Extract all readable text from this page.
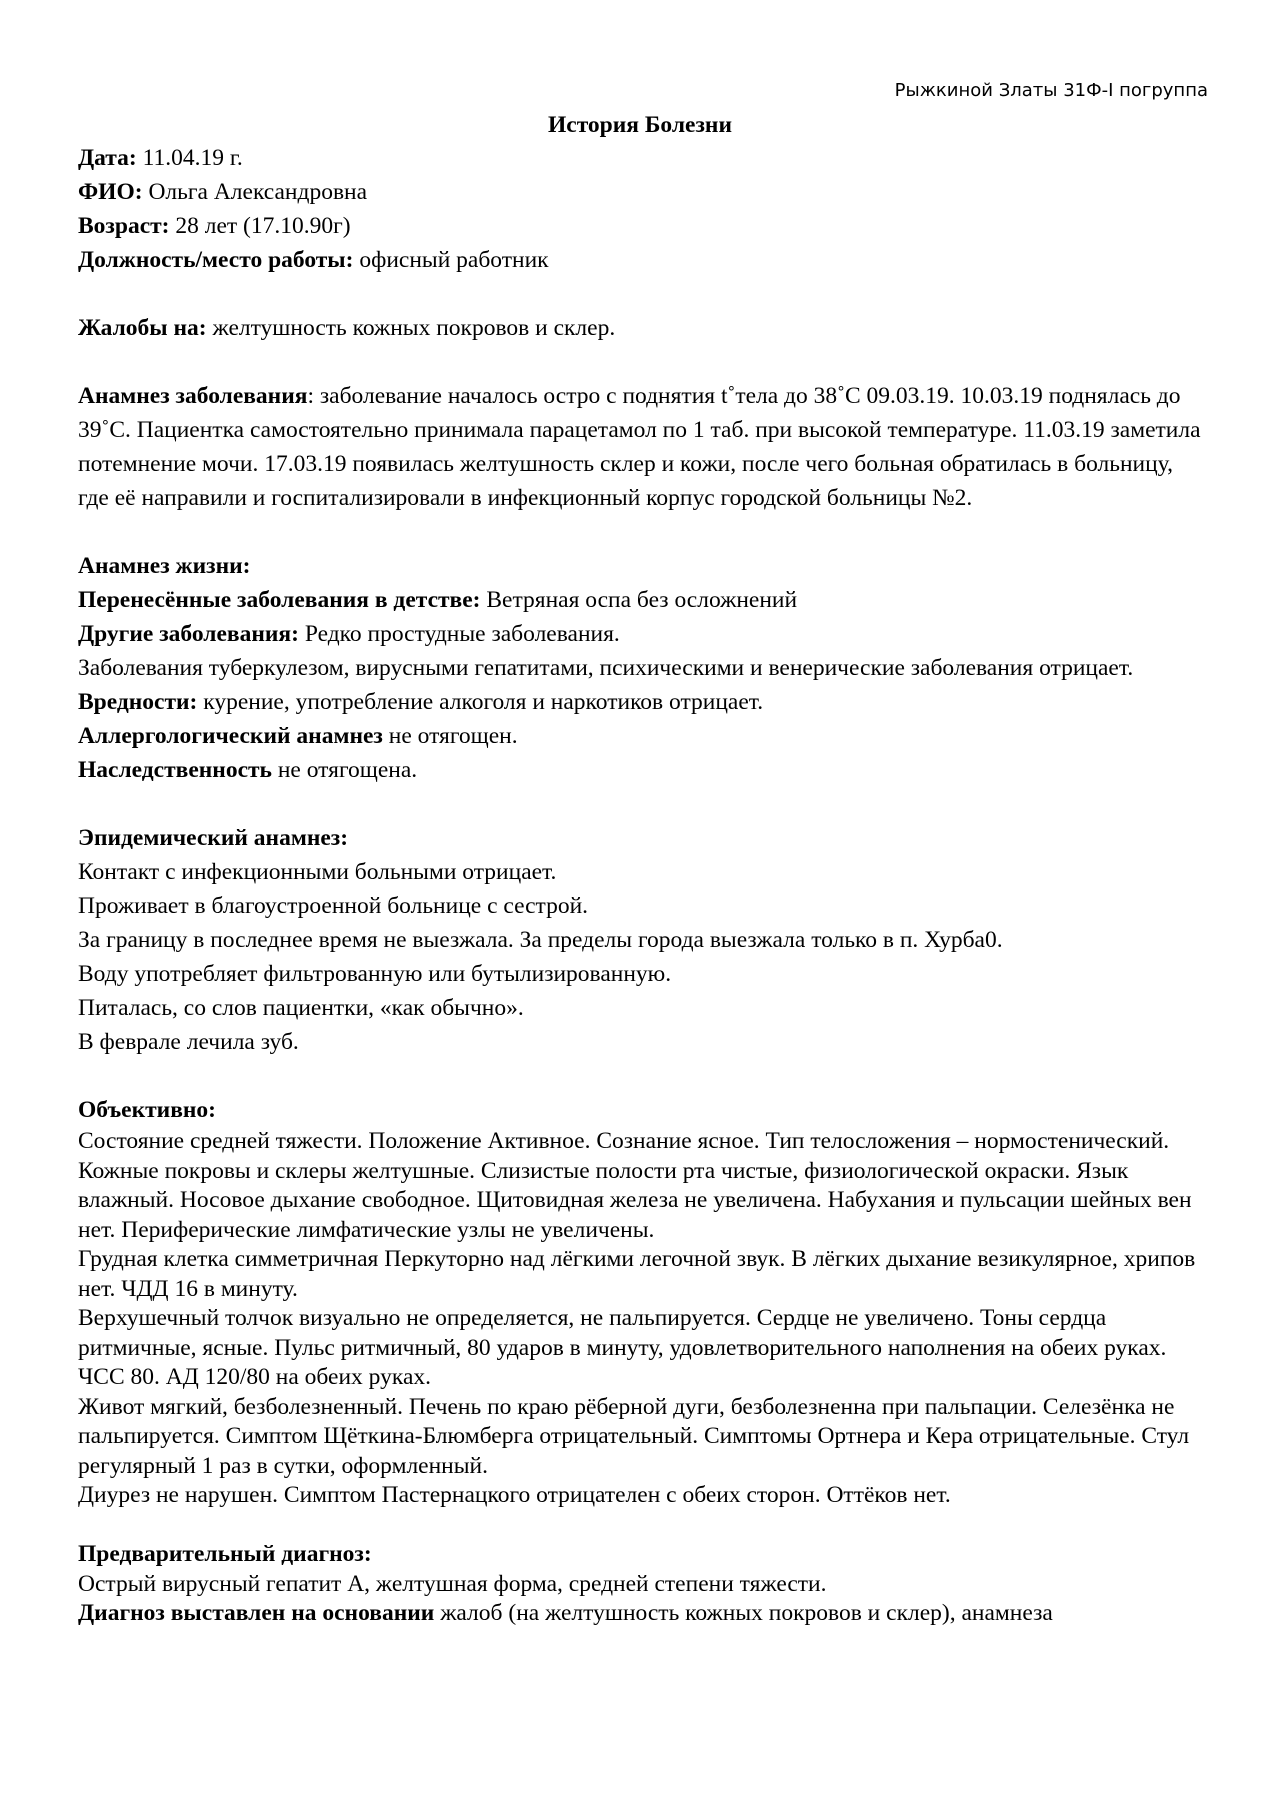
Рыжкиной Златы 31Ф-I погруппа
История Болезни

Дата: 11.04.19 г.

ФИО: Ольга Александровна

Возраст: 28 лет (17.10.90г)

Должность/место работы: офисный работник

Жалобы на: желтушность кожных покровов и склер.

Анамнез заболевания: заболевание началось остро с поднятия t˚тела до 38˚С 09.03.19. 10.03.19 поднялась до 39˚С. Пациентка самостоятельно принимала парацетамол по 1 таб. при высокой температуре. 11.03.19 заметила потемнение мочи. 17.03.19 появилась желтушность склер и кожи, после чего больная обратилась в больницу, где её направили и госпитализировали в инфекционный корпус городской больницы №2.

Анамнез жизни:

Перенесённые заболевания в детстве: Ветряная оспа без осложнений

Другие заболевания: Редко простудные заболевания.

Заболевания туберкулезом, вирусными гепатитами, психическими и венерические заболевания отрицает.

Вредности: курение, употребление алкоголя и наркотиков отрицает.

Аллергологический анамнез не отягощен.

Наследственность не отягощена.

Эпидемический анамнез:

Контакт с инфекционными больными отрицает.

Проживает в благоустроенной больнице с сестрой.

За границу в последнее время не выезжала. За пределы города выезжала только в п. Хурба0.

Воду употребляет фильтрованную или бутылизированную.

Питалась, со слов пациентки, «как обычно».

В феврале лечила зуб.

Объективно:

Состояние средней тяжести. Положение Активное. Сознание ясное. Тип телосложения – нормостенический. Кожные покровы и склеры желтушные. Слизистые полости рта чистые, физиологической окраски. Язык влажный. Носовое дыхание свободное. Щитовидная железа не увеличена. Набухания и пульсации шейных вен нет. Периферические лимфатические узлы не увеличены.

Грудная клетка симметричная Перкуторно над лёгкими легочной звук. В лёгких дыхание везикулярное, хрипов нет. ЧДД 16 в минуту.

Верхушечный толчок визуально не определяется, не пальпируется. Сердце не увеличено. Тоны сердца ритмичные, ясные. Пульс ритмичный, 80 ударов в минуту, удовлетворительного наполнения на обеих руках. ЧСС 80. АД 120/80 на обеих руках.

Живот мягкий, безболезненный. Печень по краю рёберной дуги, безболезненна при пальпации. Селезёнка не пальпируется. Симптом Щёткина-Блюмберга отрицательный. Симптомы Ортнера и Кера отрицательные. Стул регулярный 1 раз в сутки, оформленный.

Диурез не нарушен. Симптом Пастернацкого отрицателен с обеих сторон. Оттёков нет.

Предварительный диагноз:

Острый вирусный гепатит А, желтушная форма, средней степени тяжести.

Диагноз выставлен на основании жалоб (на желтушность кожных покровов и склер), анамнеза
